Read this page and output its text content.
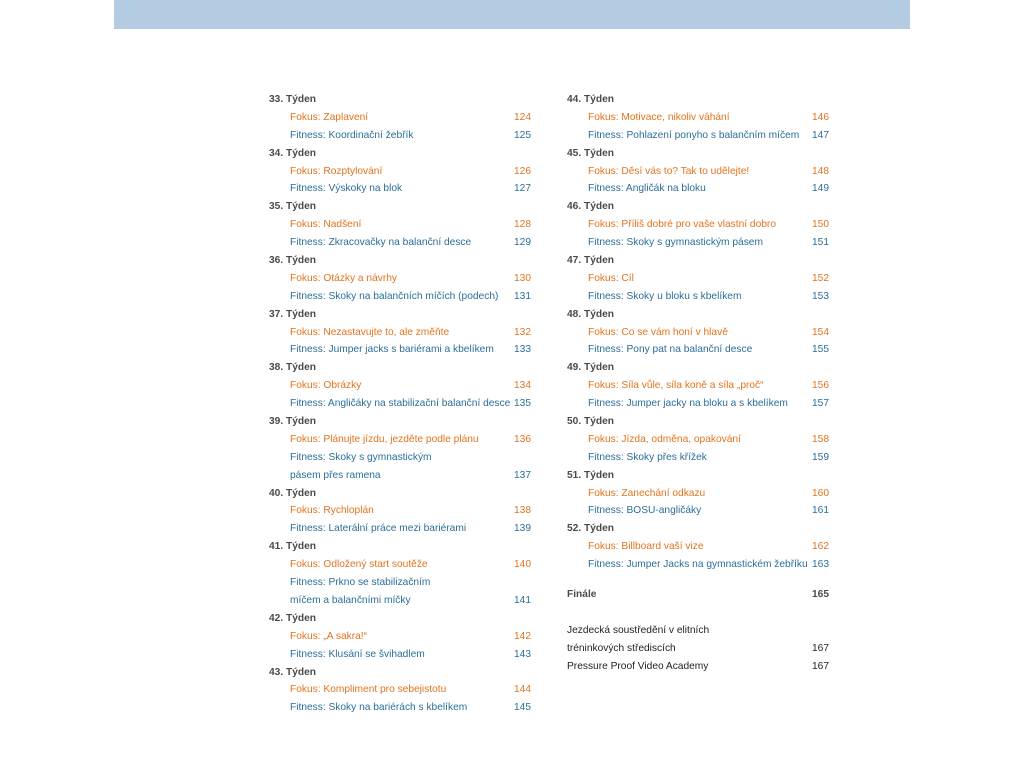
33. Týden
Fokus: Zaplavení	124
Fitness: Koordinační žebřík	125
34. Týden
Fokus: Rozptylování	126
Fitness: Výskoky na blok	127
35. Týden
Fokus: Nadšení	128
Fitness: Zkracovačky na balanční desce	129
36. Týden
Fokus: Otázky a návrhy	130
Fitness: Skoky na balančních míčích (podech) 131
37. Týden
Fokus: Nezastavujte to, ale změňte	132
Fitness: Jumper jacks s bariérami a kbelíkem 133
38. Týden
Fokus: Obrázky	134
Fitness: Angličáky na stabilizační balanční desce 135
39. Týden
Fokus: Plánujte jízdu, jezděte podle plánu	136
Fitness: Skoky s gymnastickým
pásem přes ramena	137
40. Týden
Fokus: Rychloplán	138
Fitness: Laterální práce mezi bariérami	139
41. Týden
Fokus: Odložený start soutěže	140
Fitness: Prkno se stabilizačním
míčem a balančními míčky	141
42. Týden
Fokus: „A sakra!“	142
Fitness: Klusání se švihadlem	143
43. Týden
Fokus: Kompliment pro sebejistotu	144
Fitness: Skoky na bariérách s kbelíkem	145
44. Týden
Fokus: Motivace, nikoliv váhání	146
Fitness: Pohlazení ponyho s balančním míčem 147
45. Týden
Fokus: Děsí vás to? Tak to udělejte!	148
Fitness: Angličák na bloku	149
46. Týden
Fokus: Příliš dobré pro vaše vlastní dobro	150
Fitness: Skoky s gymnastickým pásem	151
47. Týden
Fokus: Cíl	152
Fitness: Skoky u bloku s kbelíkem	153
48. Týden
Fokus: Co se vám honí v hlavě	154
Fitness: Pony pat na balanční desce	155
49. Týden
Fokus: Síla vůle, síla koně a síla „proč“	156
Fitness: Jumper jacky na bloku a s kbelíkem 157
50. Týden
Fokus: Jízda, odměna, opakování	158
Fitness: Skoky přes křížek	159
51. Týden
Fokus: Zanechání odkazu	160
Fitness: BOSU-angličáky	161
52. Týden
Fokus: Billboard vaší vize	162
Fitness: Jumper Jacks na gymnastickém žebříku 163
Finále	165
Jezdecká soustředění v elitních
tréninkových střediscích	167
Pressure Proof Video Academy	167
